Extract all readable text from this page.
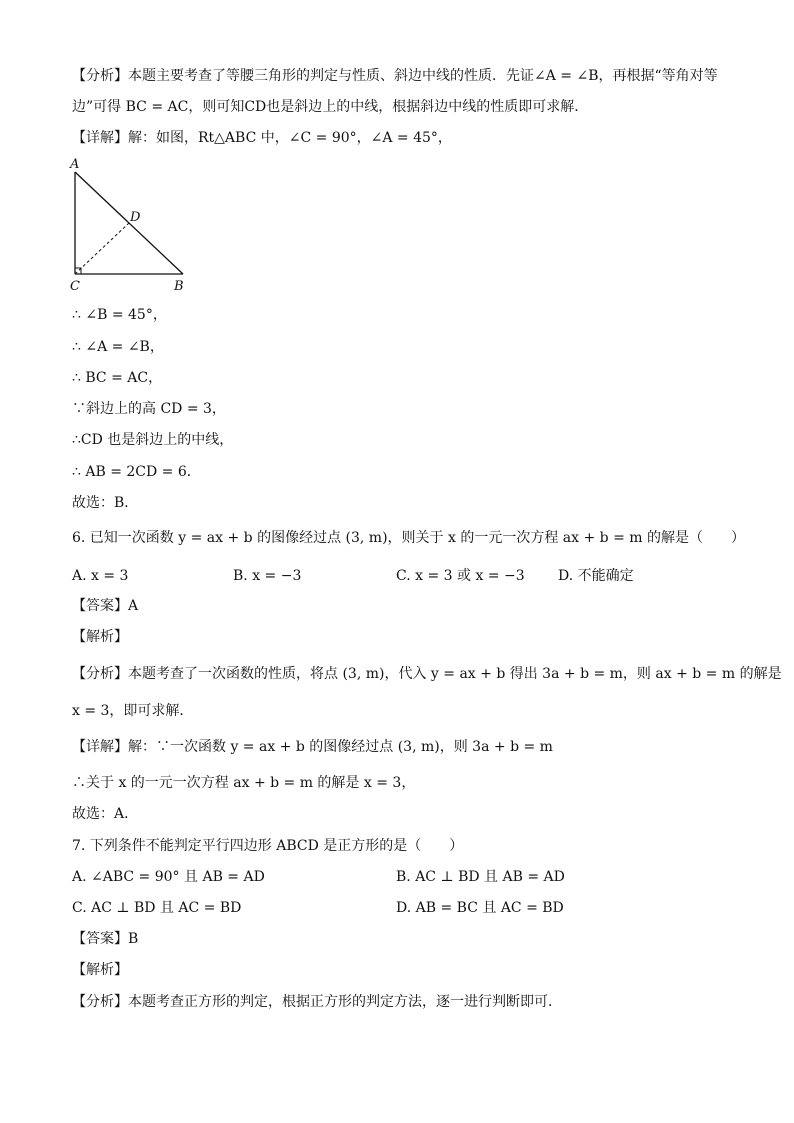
【分析】本题主要考查了等腰三角形的判定与性质、斜边中线的性质．先证∠A = ∠B，再根据“等角对等
边”可得 BC = AC，则可知CD也是斜边上的中线，根据斜边中线的性质即可求解．
【详解】解：如图，Rt△ABC 中，∠C = 90°，∠A = 45°，
A
D
C	B
∴ ∠B = 45°，
∴ ∠A = ∠B，
∴ BC = AC，
∵斜边上的高 CD = 3，
∴CD 也是斜边上的中线，
∴ AB = 2CD = 6．
故选：B．
6. 已知一次函数 y = ax + b 的图像经过点 (3, m)，则关于 x 的一元一次方程 ax + b = m 的解是（　　）
A. x = 3	B. x = −3	C. x = 3 或 x = −3 D. 不能确定
【答案】A
【解析】
【分析】本题考查了一次函数的性质，将点 (3, m)，代入 y = ax + b 得出 3a + b = m，则 ax + b = m 的解是
x = 3，即可求解．
【详解】解：∵一次函数 y = ax + b 的图像经过点 (3, m)，则 3a + b = m
∴关于 x 的一元一次方程 ax + b = m 的解是 x = 3，
故选：A．
7. 下列条件不能判定平行四边形 ABCD 是正方形的是（　　）
A. ∠ABC = 90° 且 AB = AD	B. AC ⊥ BD 且 AB = AD
C. AC ⊥ BD 且 AC = BD	D. AB = BC 且 AC = BD
【答案】B
【解析】
【分析】本题考查正方形的判定，根据正方形的判定方法，逐一进行判断即可．
